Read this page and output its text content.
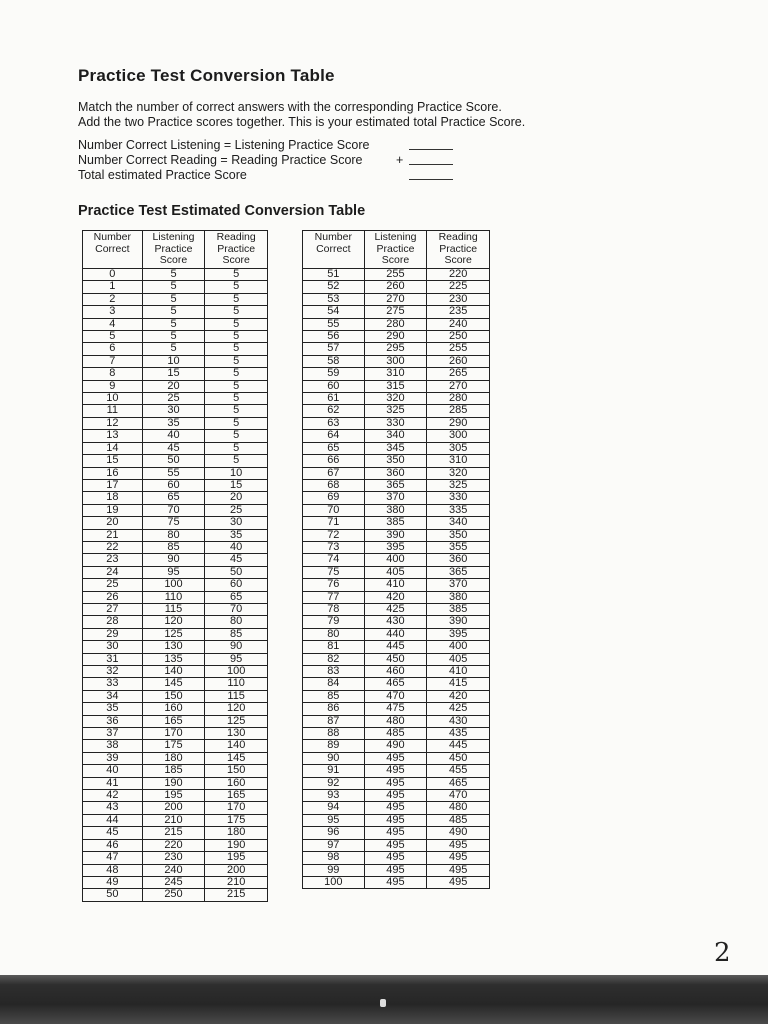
Practice Test Conversion Table
Match the number of correct answers with the corresponding Practice Score.
Add the two Practice scores together. This is your estimated total Practice Score.
Number Correct Listening = Listening Practice Score
Number Correct Reading = Reading Practice Score	+
Total estimated Practice Score
Practice Test Estimated Conversion Table
Number Correct	Listening Practice Score	Reading Practice Score
0	5	5
1	5	5
2	5	5
3	5	5
4	5	5
5	5	5
6	5	5
7	10	5
8	15	5
9	20	5
10	25	5
11	30	5
12	35	5
13	40	5
14	45	5
15	50	5
16	55	10
17	60	15
18	65	20
19	70	25
20	75	30
21	80	35
22	85	40
23	90	45
24	95	50
25	100	60
26	110	65
27	115	70
28	120	80
29	125	85
30	130	90
31	135	95
32	140	100
33	145	110
34	150	115
35	160	120
36	165	125
37	170	130
38	175	140
39	180	145
40	185	150
41	190	160
42	195	165
43	200	170
44	210	175
45	215	180
46	220	190
47	230	195
48	240	200
49	245	210
50	250	215
Number Correct	Listening Practice Score	Reading Practice Score
51	255	220
52	260	225
53	270	230
54	275	235
55	280	240
56	290	250
57	295	255
58	300	260
59	310	265
60	315	270
61	320	280
62	325	285
63	330	290
64	340	300
65	345	305
66	350	310
67	360	320
68	365	325
69	370	330
70	380	335
71	385	340
72	390	350
73	395	355
74	400	360
75	405	365
76	410	370
77	420	380
78	425	385
79	430	390
80	440	395
81	445	400
82	450	405
83	460	410
84	465	415
85	470	420
86	475	425
87	480	430
88	485	435
89	490	445
90	495	450
91	495	455
92	495	465
93	495	470
94	495	480
95	495	485
96	495	490
97	495	495
98	495	495
99	495	495
100	495	495
2
